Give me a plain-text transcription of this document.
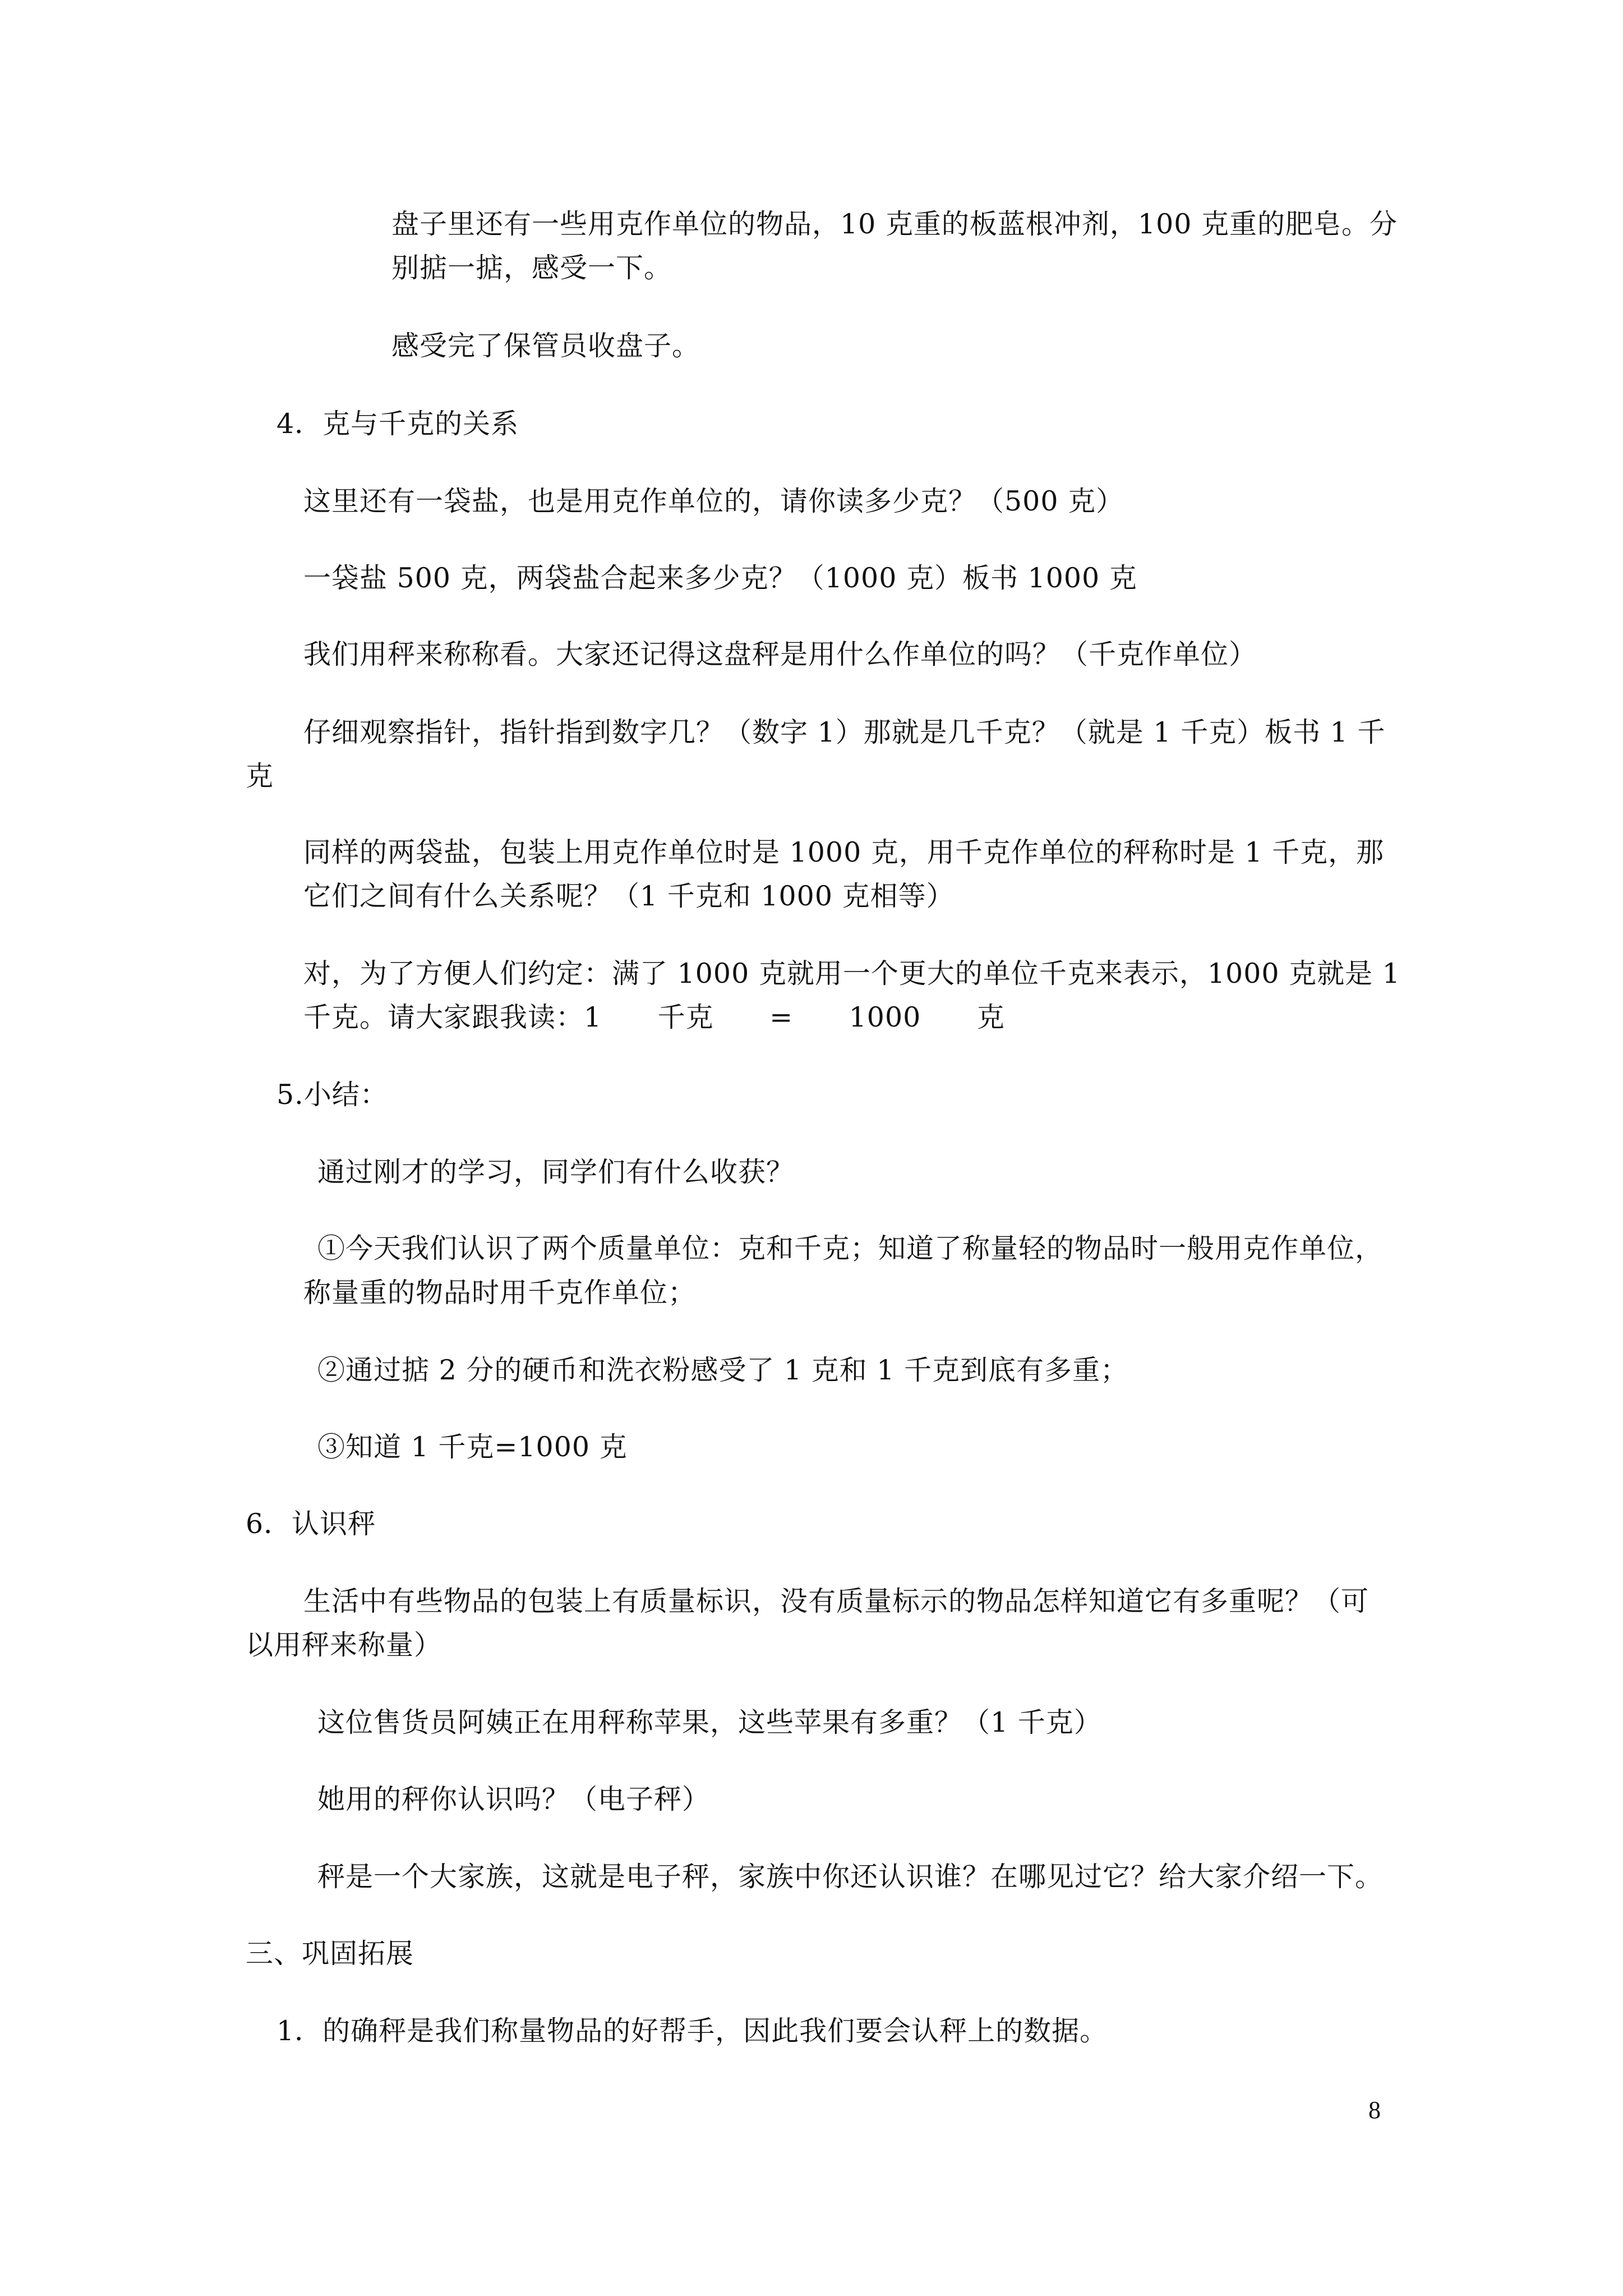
盘子里还有一些用克作单位的物品，10 克重的板蓝根冲剂，100 克重的肥皂。分
别掂一掂，感受一下。
感受完了保管员收盘子。
4．克与千克的关系
这里还有一袋盐，也是用克作单位的，请你读多少克？（500 克）
一袋盐 500 克，两袋盐合起来多少克？（1000 克）板书 1000 克
我们用秤来称称看。大家还记得这盘秤是用什么作单位的吗？（千克作单位）
仔细观察指针，指针指到数字几？（数字 1）那就是几千克？（就是 1 千克）板书 1 千
克
同样的两袋盐，包装上用克作单位时是 1000 克，用千克作单位的秤称时是 1 千克，那
它们之间有什么关系呢？（1 千克和 1000 克相等）
对，为了方便人们约定：满了 1000 克就用一个更大的单位千克来表示，1000 克就是 1
千克。请大家跟我读：1      千克      =      1000      克
5.小结：
通过刚才的学习，同学们有什么收获？
①今天我们认识了两个质量单位：克和千克；知道了称量轻的物品时一般用克作单位，
称量重的物品时用千克作单位；
②通过掂 2 分的硬币和洗衣粉感受了 1 克和 1 千克到底有多重；
③知道 1 千克=1000 克
6．认识秤
生活中有些物品的包装上有质量标识，没有质量标示的物品怎样知道它有多重呢？（可
以用秤来称量）
这位售货员阿姨正在用秤称苹果，这些苹果有多重？（1 千克）
她用的秤你认识吗？（电子秤）
秤是一个大家族，这就是电子秤，家族中你还认识谁？在哪见过它？给大家介绍一下。
三、巩固拓展
1．的确秤是我们称量物品的好帮手，因此我们要会认秤上的数据。
8
